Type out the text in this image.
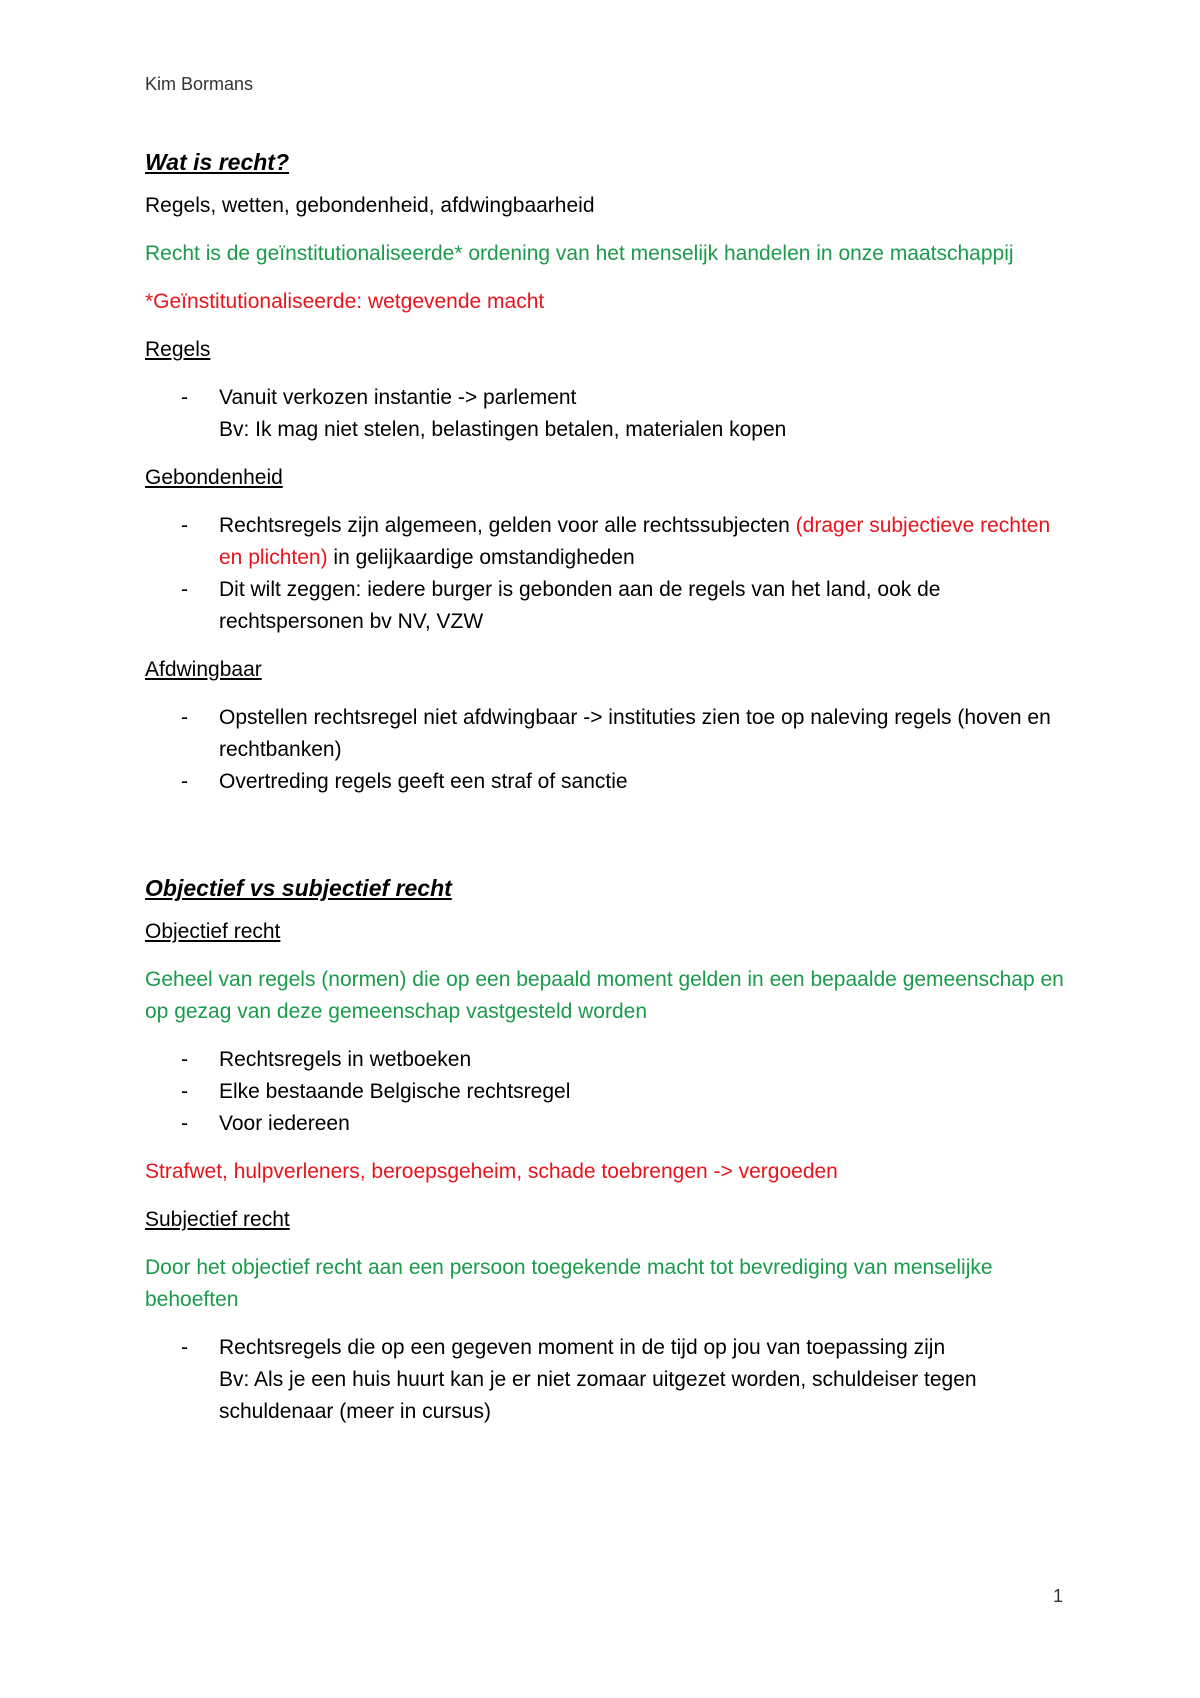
Kim Bormans
Wat is recht?
Regels, wetten, gebondenheid, afdwingbaarheid
Recht is de geïnstitutionaliseerde* ordening van het menselijk handelen in onze maatschappij
*Geïnstitutionaliseerde: wetgevende macht
Regels
- Vanuit verkozen instantie -> parlement
Bv: Ik mag niet stelen, belastingen betalen, materialen kopen
Gebondenheid
- Rechtsregels zijn algemeen, gelden voor alle rechtssubjecten (drager subjectieve rechten en plichten) in gelijkaardige omstandigheden
- Dit wilt zeggen: iedere burger is gebonden aan de regels van het land, ook de rechtspersonen bv NV, VZW
Afdwingbaar
- Opstellen rechtsregel niet afdwingbaar -> instituties zien toe op naleving regels (hoven en rechtbanken)
- Overtreding regels geeft een straf of sanctie
Objectief vs subjectief recht
Objectief recht
Geheel van regels (normen) die op een bepaald moment gelden in een bepaalde gemeenschap en op gezag van deze gemeenschap vastgesteld worden
- Rechtsregels in wetboeken
- Elke bestaande Belgische rechtsregel
- Voor iedereen
Strafwet, hulpverleners, beroepsgeheim, schade toebrengen -> vergoeden
Subjectief recht
Door het objectief recht aan een persoon toegekende macht tot bevrediging van menselijke behoeften
- Rechtsregels die op een gegeven moment in de tijd op jou van toepassing zijn
Bv: Als je een huis huurt kan je er niet zomaar uitgezet worden, schuldeiser tegen schuldenaar (meer in cursus)
1
